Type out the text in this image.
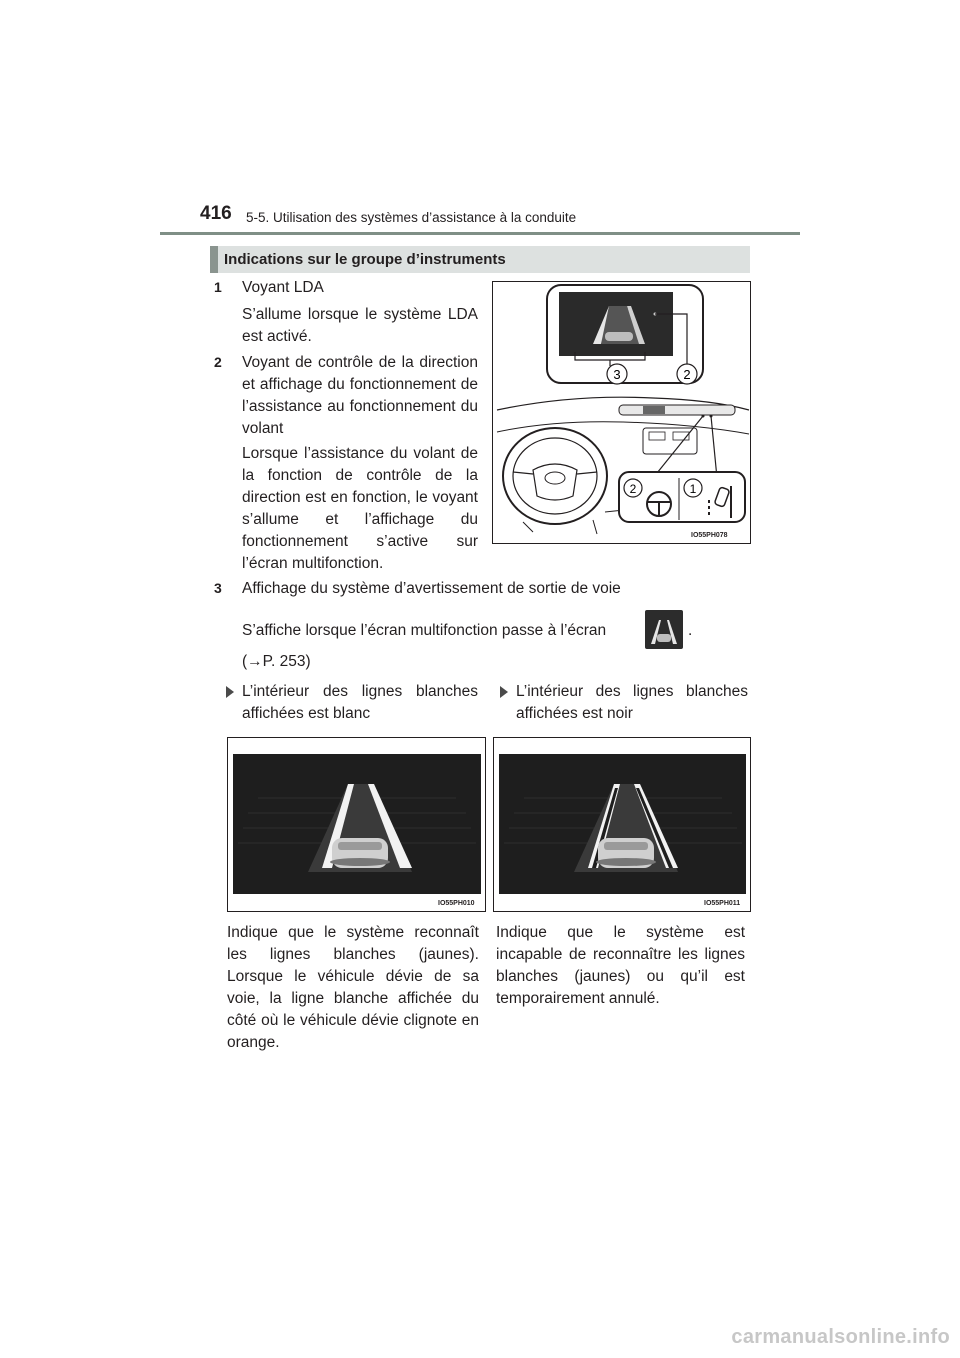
416 5-5. Utilisation des systèmes d’assistance à la conduite
Indications sur le groupe d’instruments
1 Voyant LDA
S’allume lorsque le système LDA est activé.
2 Voyant de contrôle de la direction et affichage du fonctionnement de l’assistance au fonctionnement du volant
Lorsque l’assistance du volant de la fonction de contrôle de la direction est en fonction, le voyant s’allume et l’affichage du fonctionnement s’active sur l’écran multifonction.
3	2
2	1
IO55PH078
3 Affichage du système d’avertissement de sortie de voie
S’affiche lorsque l’écran multifonction passe à l’écran	.
(→P. 253)
L’intérieur des lignes blanches affichées est blanc
L’intérieur des lignes blanches affichées est noir
IO55PH010	IO55PH011
Indique que le système reconnaît les lignes blanches (jaunes). Lorsque le véhicule dévie de sa voie, la ligne blanche affichée du côté où le véhicule dévie clignote en orange.
Indique que le système est incapable de reconnaître les lignes blanches (jaunes) ou qu’il est temporairement annulé.
carmanualsonline.info
